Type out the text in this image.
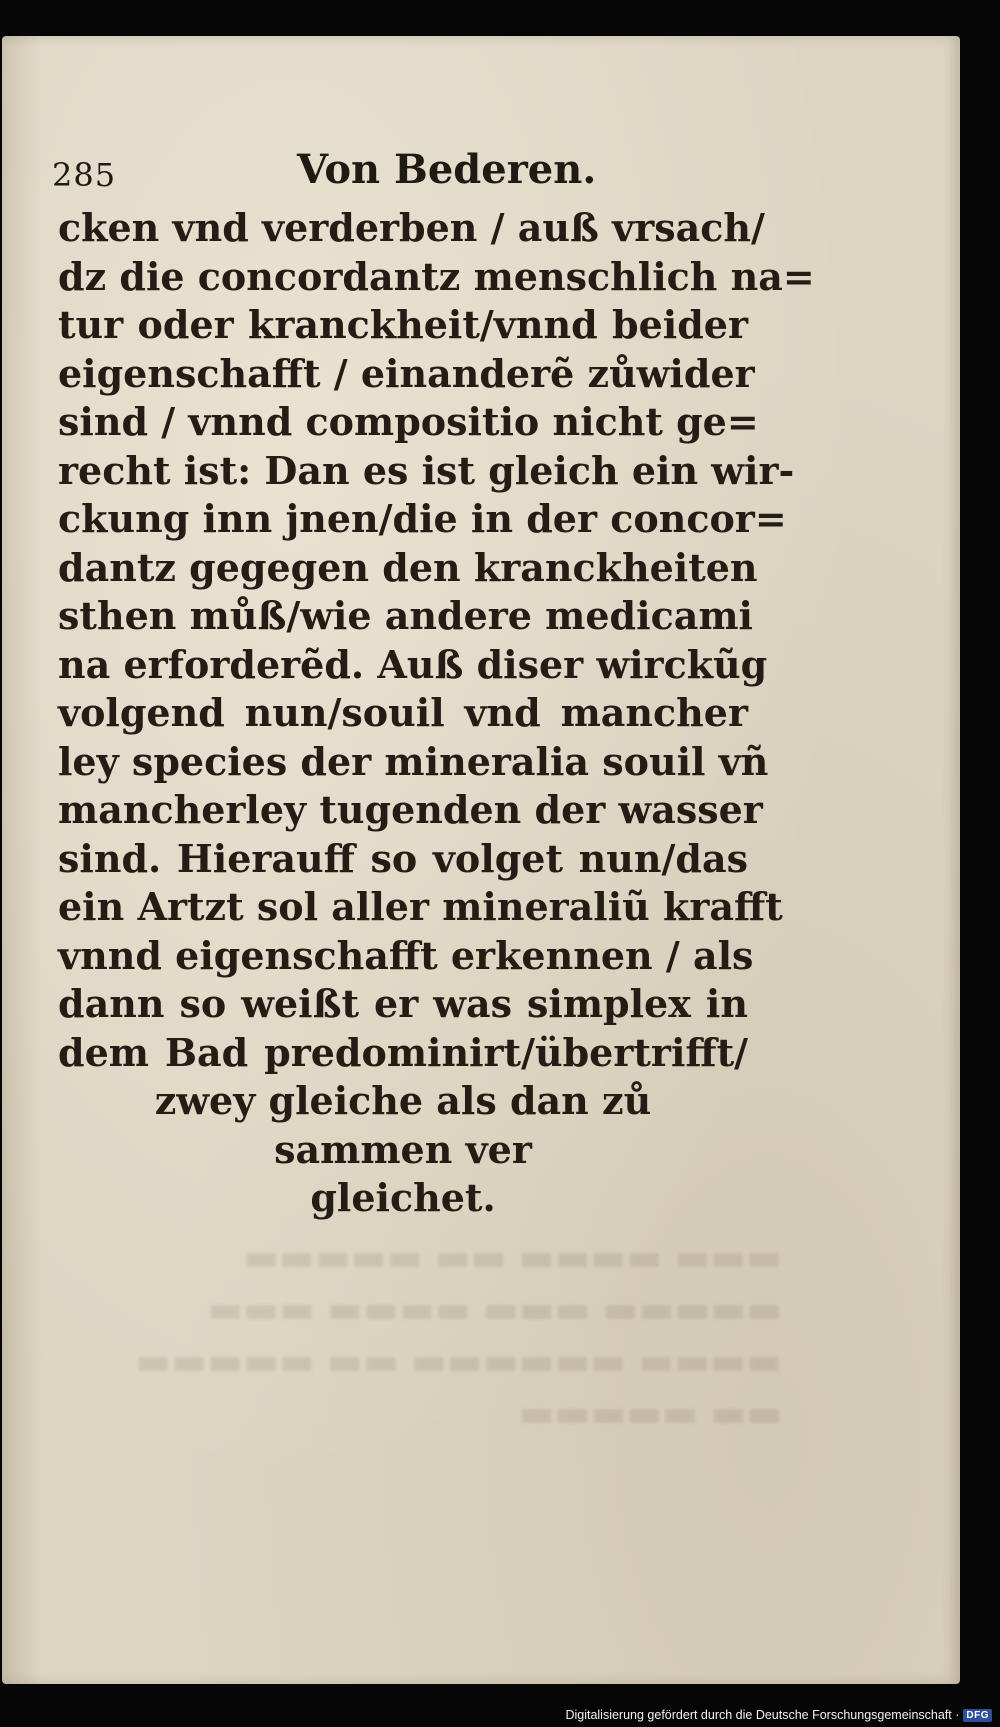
▬▬▬ ▬▬▬▬ ▬▬ ▬▬▬▬▬
▬▬▬▬▬ ▬▬▬ ▬▬▬▬ ▬▬▬
▬▬▬▬ ▬▬▬▬▬▬ ▬▬ ▬▬▬▬▬
▬▬ ▬▬▬▬▬
285	Von Bederen.
cken vnd verderben / auß vrsach/
dz die concordantz menschlich na=
tur oder kranckheit/vnnd beider
eigenschafft / einanderẽ zůwider
sind / vnnd compositio nicht ge=
recht ist: Dan es ist gleich ein wir-
ckung inn jnen/die in der concor=
dantz gegegen den kranckheiten
sthen můß/wie andere medicami
na erforderẽd. Auß diser wirckũg
volgend nun/souil vnd mancher
ley species der mineralia souil vñ
mancherley tugenden der wasser
sind. Hierauff so volget nun/das
ein Artzt sol aller mineraliũ krafft
vnnd eigenschafft erkennen / als
dann so weißt er was simplex in
dem Bad predominirt/übertrifft/
zwey gleiche als dan zů
sammen ver
gleichet.
Digitalisierung gefördert durch die Deutsche Forschungsgemeinschaft · DFG
